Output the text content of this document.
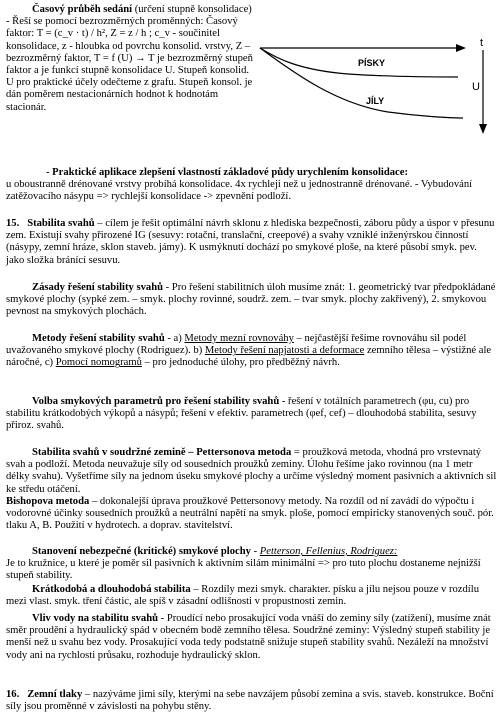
Časový průběh sedání (určení stupně konsolidace) - Řeší se pomocí bezrozměrných proměnných: Časový faktor: T = (c_v · t) / h², Z = z / h ; c_v - součinitel konsolidace, z - hloubka od povrchu konsolid. vrstvy, Z – bezrozměrný faktor, T = f (U) → T je bezrozměrný stupeň faktor a je funkcí stupně konsolidace U. Stupeň konsolid. U pro praktické účely odečteme z grafu. Stupeň konsol. je dán poměrem nestacionárních hodnot k hodnotám stacionár.

t
U
PÍSKY
JÍLY

- Praktické aplikace zlepšení vlastností základové půdy urychlením konsolidace:

u oboustranně drénované vrstvy probíhá konsolidace. 4x rychleji než u jednostranně drénované. - Vybudování zatěžovacího násypu => rychlejší konsolidace -> zpevnění podloží.

15. Stabilita svahů – cílem je řešit optimální návrh sklonu z hlediska bezpečnosti, záboru půdy a úspor v přesunu zem. Existují svahy přirozené IG (sesuvy: rotační, translační, creepové) a svahy vzniklé inženýrskou činností (násypy, zemní hráze, sklon staveb. jámy). K usmýknutí dochází po smykové ploše, na které působí smyk. pev. jako složka bránící sesuvu.

Zásady řešení stability svahů - Pro řešení stabilitních úloh musíme znát: 1. geometrický tvar předpokládané smykové plochy (sypké zem. – smyk. plochy rovinné, soudrž. zem. – tvar smyk. plochy zakřivený), 2. smykovou pevnost na smykových plochách.

Metody řešení stability svahů - a) Metody mezní rovnováhy – nejčastější řešíme rovnováhu sil podél uvažovaného smykové plochy (Rodriguez). b) Metody řešení napjatosti a deformace zemního tělesa – výstižné ale náročné, c) Pomocí nomogramů – pro jednoduché úlohy, pro předběžný návrh.

Volba smykových parametrů pro řešení stability svahů - řešení v totálních parametrech (φu, cu) pro stabilitu krátkodobých výkopů a násypů; řešení v efektiv. parametrech (φef, cef) – dlouhodobá stabilita, sesuvy přiroz. svahů.

Stabilita svahů v soudržné zemině – Pettersonova metoda = proužková metoda, vhodná pro vrstevnatý svah a podloží. Metoda neuvažuje síly od sousedních proužků zeminy. Úlohu řešíme jako rovinnou (na 1 metr délky svahu). Vyšetříme síly na jednom úseku smykové plochy a určíme výsledný moment pasivních a aktivních sil ke středu otáčení.

Bishopova metoda – dokonalejší úprava proužkové Pettersonovy metody. Na rozdíl od ní zavádí do výpočtu i vodorovné účinky sousedních proužků a neutrální napětí na smyk. ploše, pomocí empiricky stanovených souč. pór. tlaku A, B. Použití v hydrotech. a doprav. stavitelství.

Stanovení nebezpečné (kritické) smykové plochy - Petterson, Fellenius, Rodriguez:

Je to kružnice, u které je poměr sil pasivních k aktivním silám minimální => pro tuto plochu dostaneme nejnižší stupeň stability.

Krátkodobá a dlouhodobá stabilita – Rozdíly mezi smyk. charakter. písku a jílu nejsou pouze v rozdílu mezi vlast. smyk. tření částic, ale spíš v zásadní odlišnosti v propustnosti zemin.

Vliv vody na stabilitu svahů - Proudící nebo prosakující voda vnáší do zeminy síly (zatížení), musíme znát směr proudění a hydraulický spád v obecném bodě zemního tělesa. Soudržné zeminy: Výsledný stupeň stability je menší než u svahu bez vody. Prosakující voda tedy podstatně snižuje stupeň stability svahů. Nezáleží na množství vody ani na rychlosti průsaku, rozhoduje hydraulický sklon.

16. Zemní tlaky – nazýváme jimi síly, kterými na sebe navzájem působí zemina a svis. staveb. konstrukce. Boční síly jsou proměnné v závislosti na pohybu stěny.
